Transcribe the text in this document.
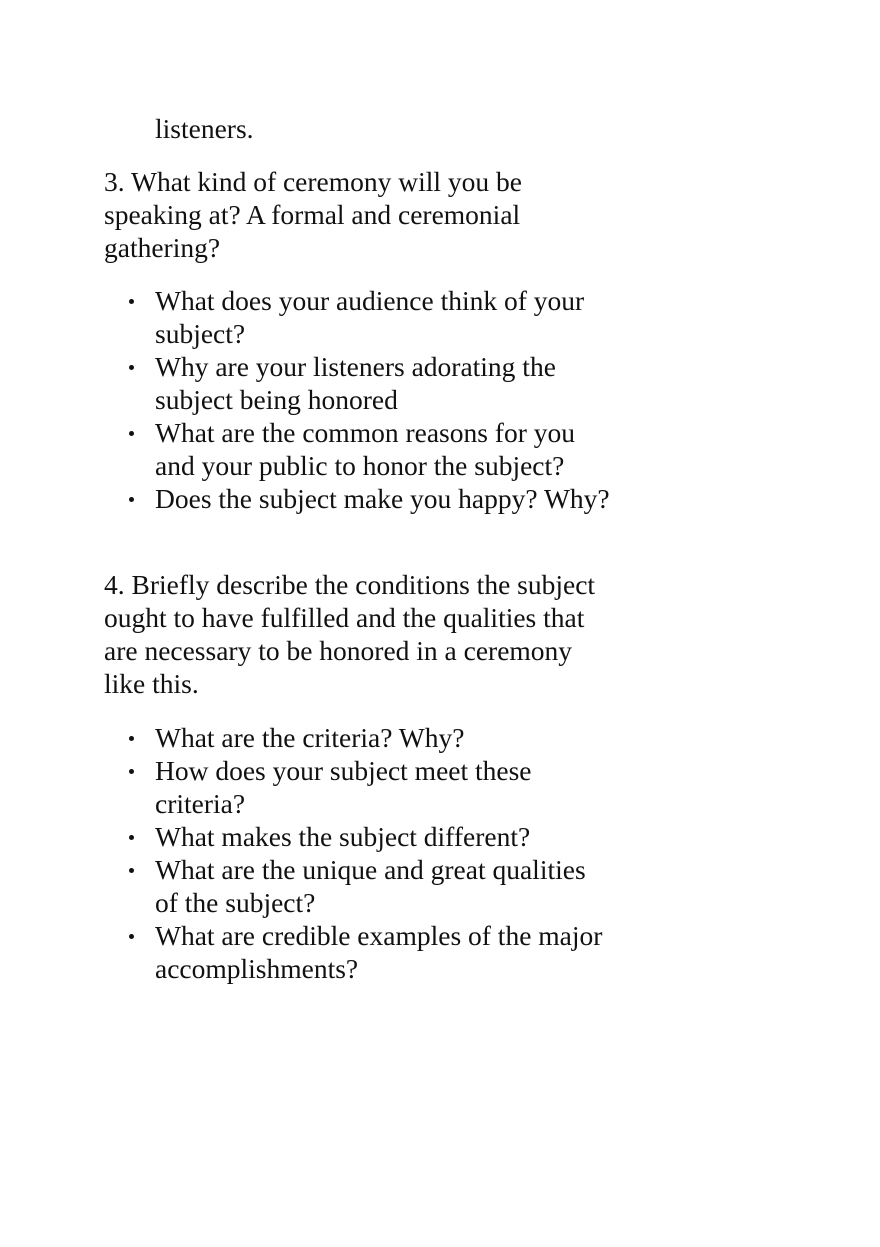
listeners.

3. What kind of ceremony will you be speaking at? A formal and ceremonial gathering?

What does your audience think of your subject?
Why are your listeners adorating the subject being honored
What are the common reasons for you and your public to honor the subject?
Does the subject make you happy? Why?

4. Briefly describe the conditions the subject ought to have fulfilled and the qualities that are necessary to be honored in a ceremony like this.

What are the criteria? Why?
How does your subject meet these criteria?
What makes the subject different?
What are the unique and great qualities of the subject?
What are credible examples of the major accomplishments?
